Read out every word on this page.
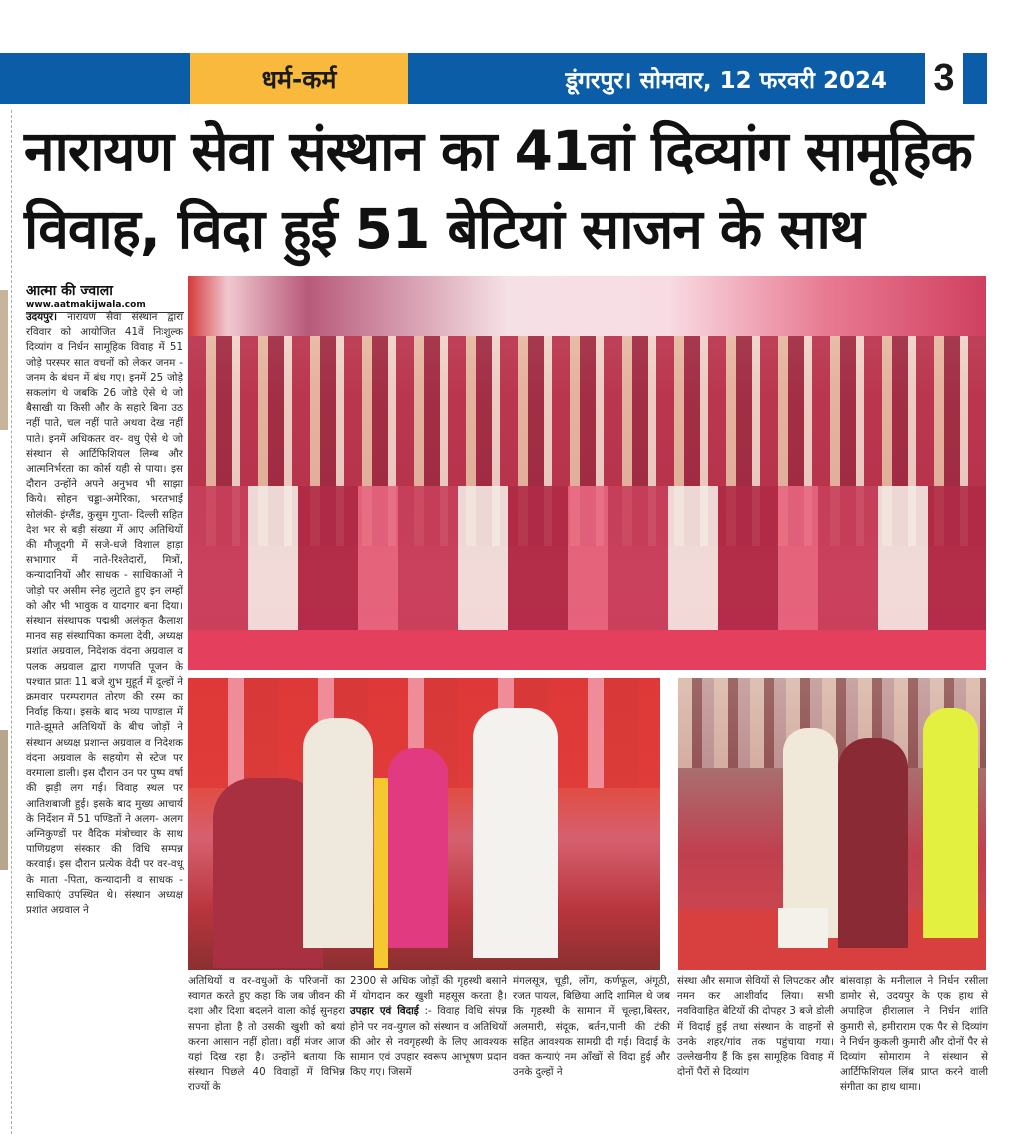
धर्म-कर्म	डूंगरपुर। सोमवार, 12 फरवरी 2024	3
नारायण सेवा संस्थान का 41वां दिव्यांग सामूहिक
विवाह, विदा हुई 51 बेटियां साजन के साथ
आत्मा की ज्वाला
www.aatmakijwala.com
उदयपुर। नारायण सेवा संस्थान द्वारा रविवार को आयोजित 41वें निःशुल्क दिव्यांग व निर्धन सामूहिक विवाह में 51 जोड़े परस्पर सात वचनों को लेकर जनम - जनम के बंधन में बंध गए। इनमें 25 जोड़े सकलांग थे जबकि 26 जोडे ऐसे थे जो बैसाखी या किसी और के सहारे बिना उठ नहीं पाते, चल नहीं पाते अथवा देख नहीं पाते। इनमें अधिकतर वर- वधु ऐसे थे जो संस्थान से आर्टिफिशियल लिम्ब और आत्मनिर्भरता का कोर्स यही से पाया। इस दौरान उन्होंने अपने अनुभव भी साझा किये। सोहन चड्डा-अमेरिका, भरतभाई सोलंकी- इंग्लैंड, कुसुम गुप्ता- दिल्ली सहित देश भर से बड़ी संख्या में आए अतिथियों की मौजूदगी में सजे-धजे विशाल हाड़ा सभागार में नाते-रिश्तेदारों, मित्रों, कन्यादानियों और साधक - साधिकाओं ने जोड़ो पर असीम स्नेह लुटाते हुए इन लम्हों को और भी भावुक व यादगार बना दिया। संस्थान संस्थापक पद्मश्री अलंकृत कैलाश मानव सह संस्थापिका कमला देवी, अध्यक्ष प्रशांत अग्रवाल, निदेशक वंदना अग्रवाल व पलक अग्रवाल द्वारा गणपति पूजन के पश्चात प्रातः 11 बजे शुभ मुहूर्त में दूल्हों ने क्रमवार परम्परागत तोरण की रस्म का निर्वाह किया। इसके बाद भव्य पाण्डाल में गाते-झूमते अतिथियों के बीच जोड़ों ने संस्थान अध्यक्ष प्रशान्त अग्रवाल व निदेशक वंदना अग्रवाल के सहयोग से स्टेज पर वरमाला डाली। इस दौरान उन पर पुष्प वर्षा की झड़ी लग गई। विवाह स्थल पर आतिशबाजी हुई। इसके बाद मुख्य आचार्य के निर्देशन में 51 पण्डितों ने अलग- अलग अग्निकुण्डों पर वैदिक मंत्रोच्चार के साथ पाणिग्रहण संस्कार की विधि सम्पन्न करवाई। इस दौरान प्रत्येक वेदी पर वर-वधू के माता -पिता, कन्यादानी व साधक - साधिकाएं उपस्थित थे। संस्थान अध्यक्ष प्रशांत अग्रवाल ने
अतिथियों व वर-वधुओं के परिजनों का स्वागत करते हुए कहा कि जब जीवन की दशा और दिशा बदलने वाला कोई सुनहरा सपना होता है तो उसकी खुशी को बयां करना आसान नहीं होता। वहीं मंजर आज यहां दिख रहा है। उन्होंने बताया कि संस्थान पिछले 40 विवाहों में विभिन्न राज्यों के
2300 से अधिक जोड़ों की गृहस्थी बसाने में योगदान कर खुशी महसूस करता है। उपहार एवं विदाई :- विवाह विधि संपन्न होने पर नव-युगल को संस्थान व अतिथियों की ओर से नवगृहस्थी के लिए आवश्यक सामान एवं उपहार स्वरूप आभूषण प्रदान किए गए। जिसमें
मंगलसूत्र, चूड़ी, लोंग, कर्णफूल, अंगूठी, रजत पायल, बिछिया आदि शामिल थे जब कि गृहस्थी के सामान में चूल्हा,बिस्तर, अलमारी, संदूक, बर्तन,पानी की टंकी सहित आवश्यक सामग्री दी गई। विदाई के वक्त कन्याएं नम आँखों से विदा हुई और उनके दुल्हों ने
संस्था और समाज सेवियों से लिपटकर और नमन कर आशीर्वाद लिया। सभी नवविवाहित बेटियों की दोपहर 3 बजे डोली में विदाई हुई तथा संस्थान के वाहनों से उनके शहर/गांव तक पहुंचाया गया। उल्लेखनीय हैं कि इस सामूहिक विवाह में दोनों पैरों से दिव्यांग
बांसवाड़ा के मनीलाल ने निर्धन रसीला डामोर से, उदयपुर के एक हाथ से अपाहिज हीरालाल ने निर्धन शांति कुमारी से, हमीराराम एक पैर से दिव्यांग ने निर्धन कुकली कुमारी और दोनों पैर से दिव्यांग सोमाराम ने संस्थान से आर्टिफिशियल लिंब प्राप्त करने वाली संगीता का हाथ थामा।
